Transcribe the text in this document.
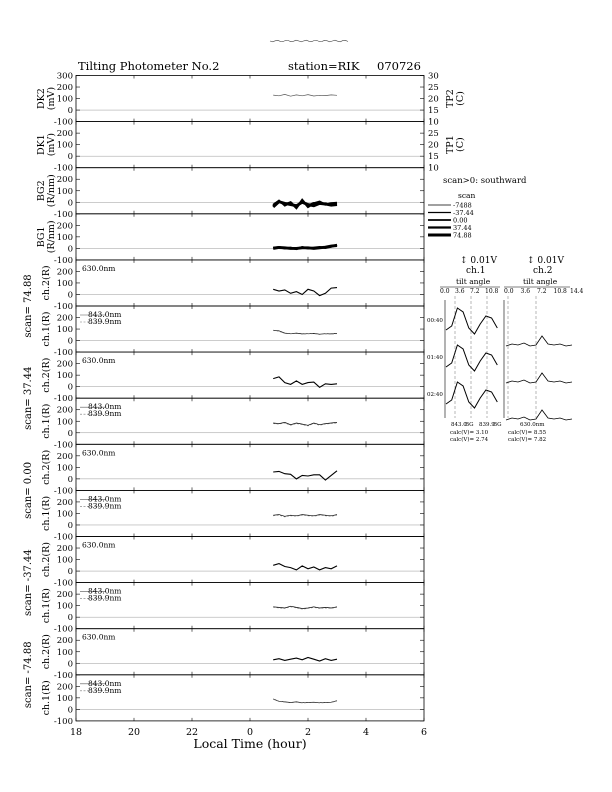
Tilting Photometer No.2	station=RIK 070726
300
200
100
0
-100
DK2 (mV)
30
25
20
15
10
TP2 (C)
200
100
0
-100
DK1 (mV)	25
20
15
10
TP1 (C)
200
100
0
-100
BG2 (R/nm)
200
100
0
-100
BG1 (R/nm)
200
100
0
-100
ch.2(R)
scan= 74.88
630.0nm
200
100
0
-100
ch.1(R)	843.0nm
839.9nm
200
100
0
-100
ch.2(R)
scan= 37.44
630.0nm
200
100
0
-100
ch.1(R)	843.0nm
839.9nm
200
100
0
-100
ch.2(R)
scan= 0.00
630.0nm
200
100
0
-100
ch.1(R)	843.0nm
839.9nm
200
100
0
-100
ch.2(R)
scan= -37.44
630.0nm
200
100
0
-100
ch.1(R)	843.0nm
839.9nm
200
100
0
-100
ch.2(R)
scan= -74.88
630.0nm
200
100
0
-100
ch.1(R)	843.0nm
839.9nm
18	20	22	0	2	4	6
Local Time (hour)
scan>0: southward
scan
-7488
-37.44
0.00
37.44
74.88
↕ 0.01V
ch.1
tilt angle
0.0 3.6 7.2 10.8
↕ 0.01V
ch.2
tilt angle
0.0 3.6 7.2 10.8 14.4
00:40
01:40
02:40
843.0
BG 839.9
BG	630.0nm
calc(V)= 3.10
calc(V)= 2.74
calc(V)= 8.55
calc(V)= 7.82
